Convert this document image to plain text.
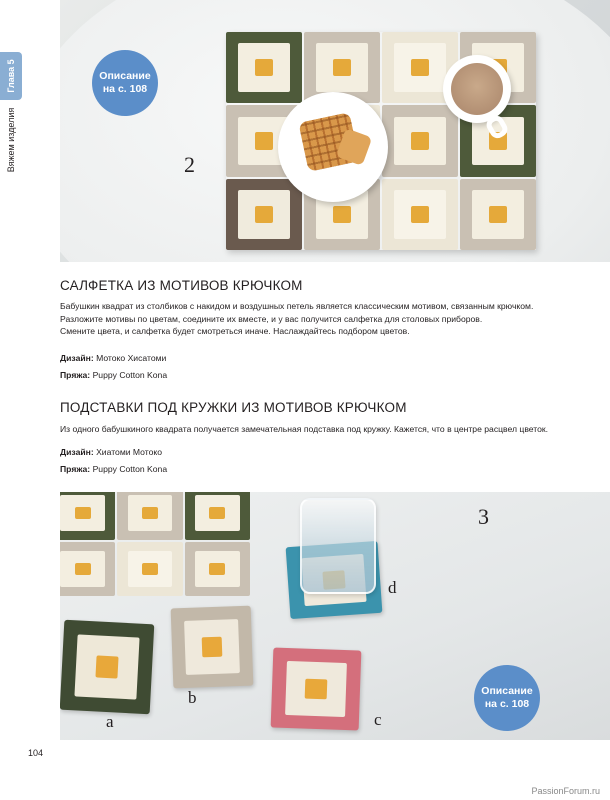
Глава 5
Вяжем изделия
Описание
на с. 108
2
САЛФЕТКА ИЗ МОТИВОВ КРЮЧКОМ
Бабушкин квадрат из столбиков с накидом и воздушных петель является классическим мотивом, связанным крючком.
Разложите мотивы по цветам, соедините их вместе, и у вас получится салфетка для столовых приборов.
Смените цвета, и салфетка будет смотреться иначе. Наслаждайтесь подбором цветов.
Дизайн: Мотоко Хисатоми
Пряжа: Puppy Cotton Kona
ПОДСТАВКИ ПОД КРУЖКИ ИЗ МОТИВОВ КРЮЧКОМ
Из одного бабушкиного квадрата получается замечательная подставка под кружку. Кажется, что в центре расцвел цветок.
Дизайн: Хиатоми Мотоко
Пряжа: Puppy Cotton Kona
a
b
c
d
3
Описание
на с. 108
104
PassionForum.ru
